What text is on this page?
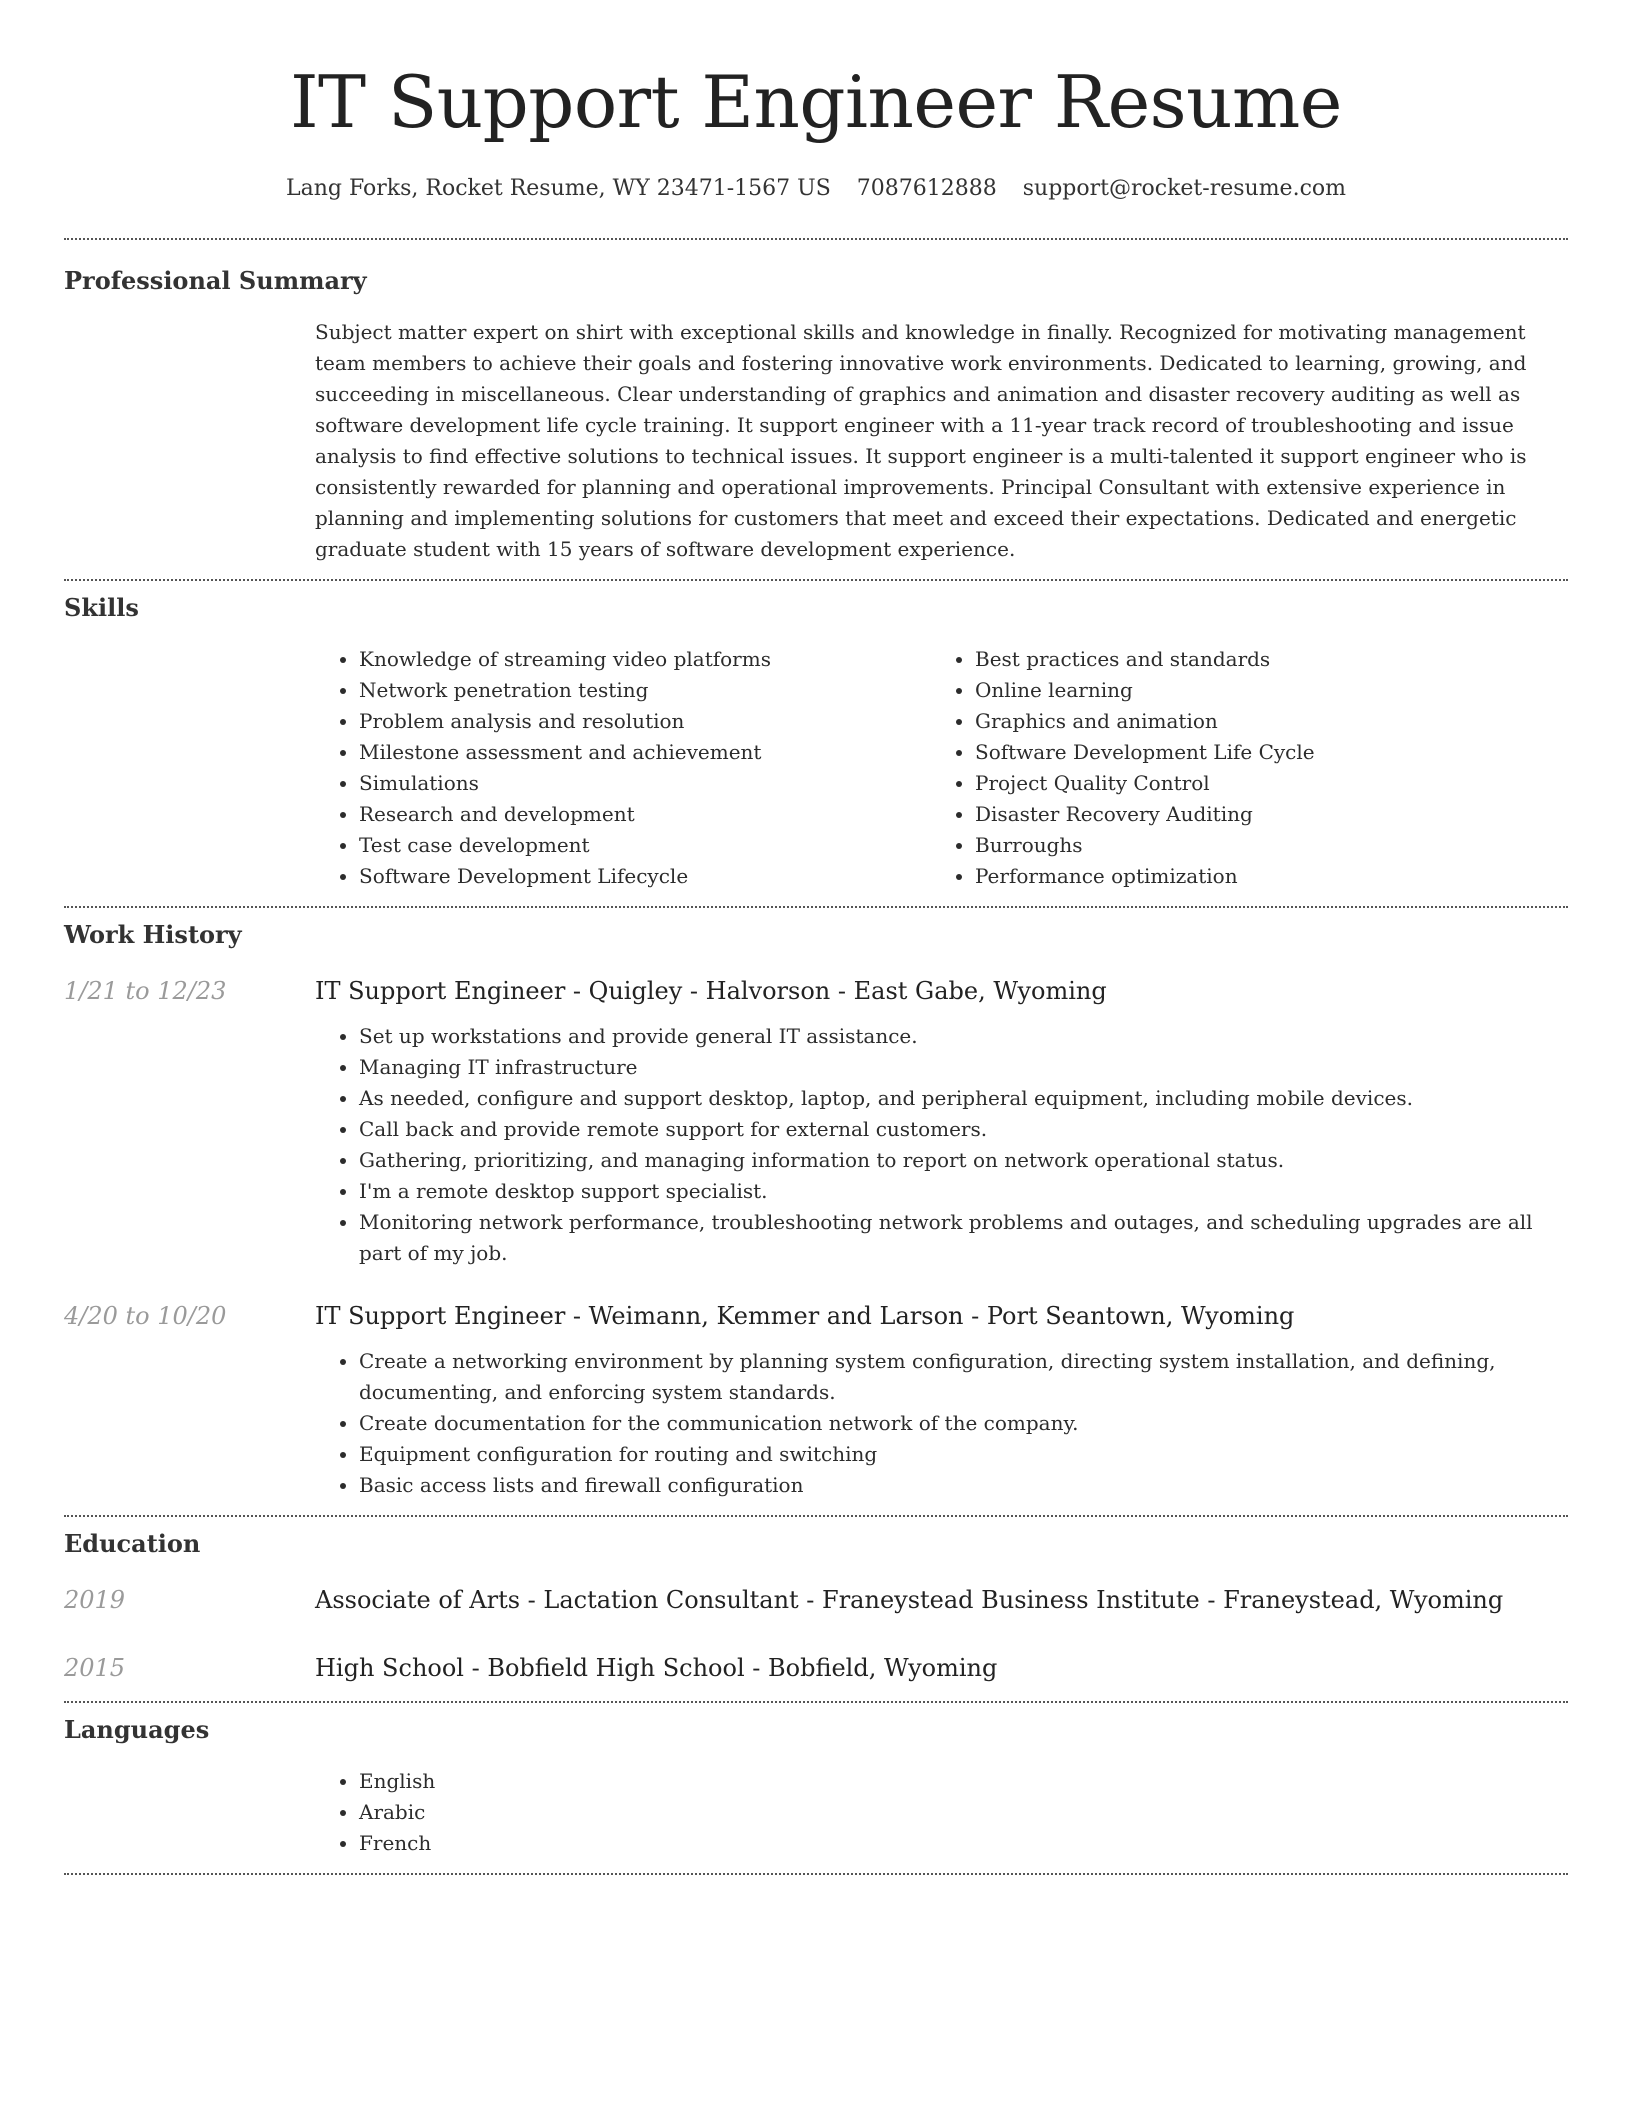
IT Support Engineer Resume
Lang Forks, Rocket Resume, WY 23471-1567 US 7087612888 support@rocket-resume.com
Professional Summary

Subject matter expert on shirt with exceptional skills and knowledge in finally. Recognized for motivating management team members to achieve their goals and fostering innovative work environments. Dedicated to learning, growing, and succeeding in miscellaneous. Clear understanding of graphics and animation and disaster recovery auditing as well as software development life cycle training. It support engineer with a 11-year track record of troubleshooting and issue analysis to find effective solutions to technical issues. It support engineer is a multi-talented it support engineer who is consistently rewarded for planning and operational improvements. Principal Consultant with extensive experience in planning and implementing solutions for customers that meet and exceed their expectations. Dedicated and energetic graduate student with 15 years of software development experience.

Skills
• Knowledge of streaming video platforms
• Network penetration testing
• Problem analysis and resolution
• Milestone assessment and achievement
• Simulations
• Research and development
• Test case development
• Software Development Lifecycle
• Best practices and standards
• Online learning
• Graphics and animation
• Software Development Life Cycle
• Project Quality Control
• Disaster Recovery Auditing
• Burroughs
• Performance optimization
Work History
1/21 to 12/23	IT Support Engineer - Quigley - Halvorson - East Gabe, Wyoming
• Set up workstations and provide general IT assistance.
• Managing IT infrastructure
• As needed, configure and support desktop, laptop, and peripheral equipment, including mobile devices.
• Call back and provide remote support for external customers.
• Gathering, prioritizing, and managing information to report on network operational status.
• I'm a remote desktop support specialist.
• Monitoring network performance, troubleshooting network problems and outages, and scheduling upgrades are all part of my job.
4/20 to 10/20	IT Support Engineer - Weimann, Kemmer and Larson - Port Seantown, Wyoming
• Create a networking environment by planning system configuration, directing system installation, and defining, documenting, and enforcing system standards.
• Create documentation for the communication network of the company.
• Equipment configuration for routing and switching
• Basic access lists and firewall configuration
Education
2019	Associate of Arts - Lactation Consultant - Franeystead Business Institute - Franeystead, Wyoming
2015	High School - Bobfield High School - Bobfield, Wyoming
Languages
• English
• Arabic
• French
